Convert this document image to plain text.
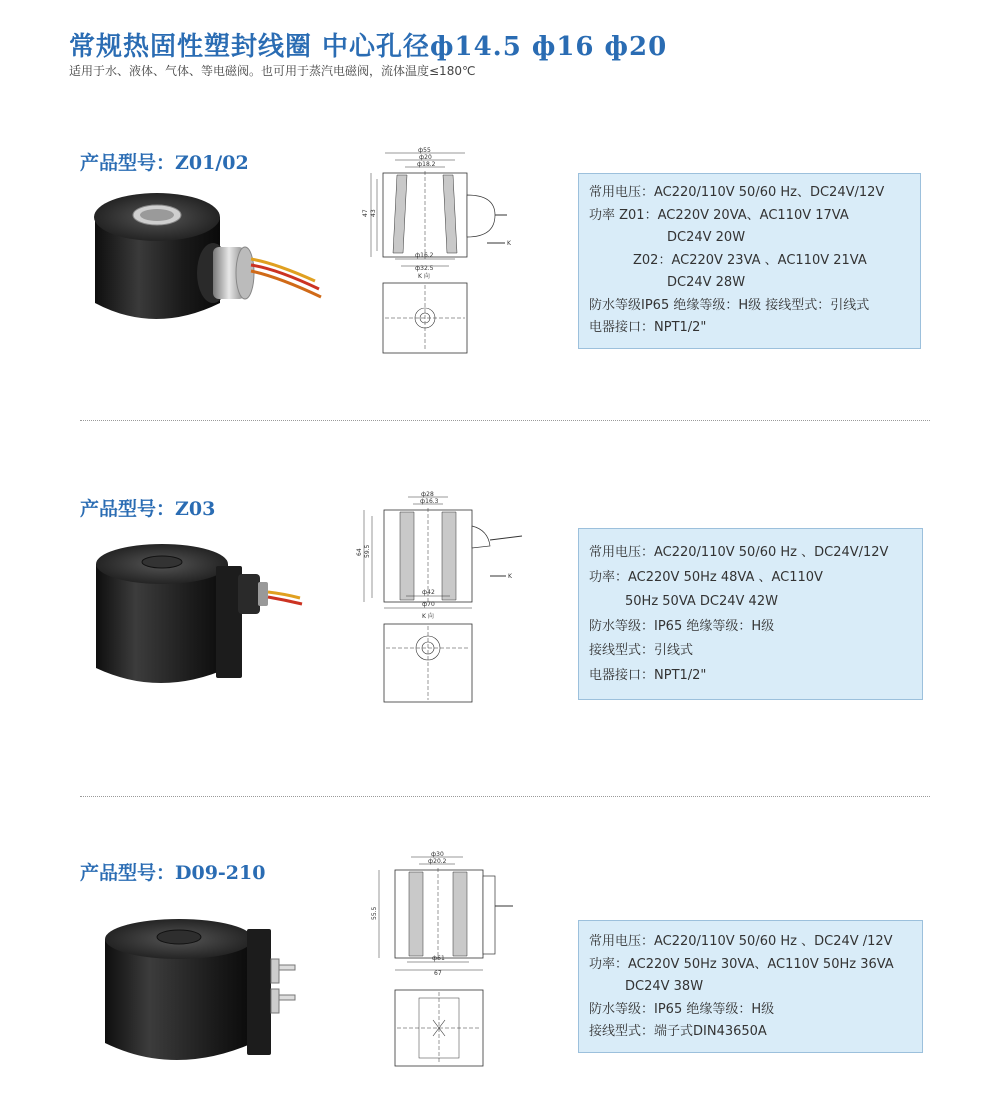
常规热固性塑封线圈 中心孔径ф14.5 ф16 ф20
适用于水、液体、气体、等电磁阀。也可用于蒸汽电磁阀，流体温度≤180℃
产品型号：Z01/02
ф55
ф20
ф18.2
47 43
ф16.2
ф32.5
K
K 向
常用电压：AC220/110V 50/60 Hz、DC24V/12V
功率 Z01：AC220V 20VA、AC110V 17VA
DC24V 20W
Z02：AC220V 23VA 、AC110V 21VA
DC24V 28W
防水等级IP65 绝缘等级：H级 接线型式：引线式
电器接口：NPT1/2"
产品型号：Z03
ф28
ф16.3
64 59.5
ф42
ф70
K
K 向
常用电压：AC220/110V 50/60 Hz 、DC24V/12V
功率：AC220V 50Hz 48VA 、AC110V
50Hz 50VA DC24V 42W
防水等级：IP65 绝缘等级：H级
接线型式：引线式
电器接口：NPT1/2"
产品型号：D09-210
ф30
ф20.2
55.5
ф61
67
常用电压：AC220/110V 50/60 Hz 、DC24V /12V
功率：AC220V 50Hz 30VA、AC110V 50Hz 36VA
DC24V 38W
防水等级：IP65 绝缘等级：H级
接线型式：端子式DIN43650A
